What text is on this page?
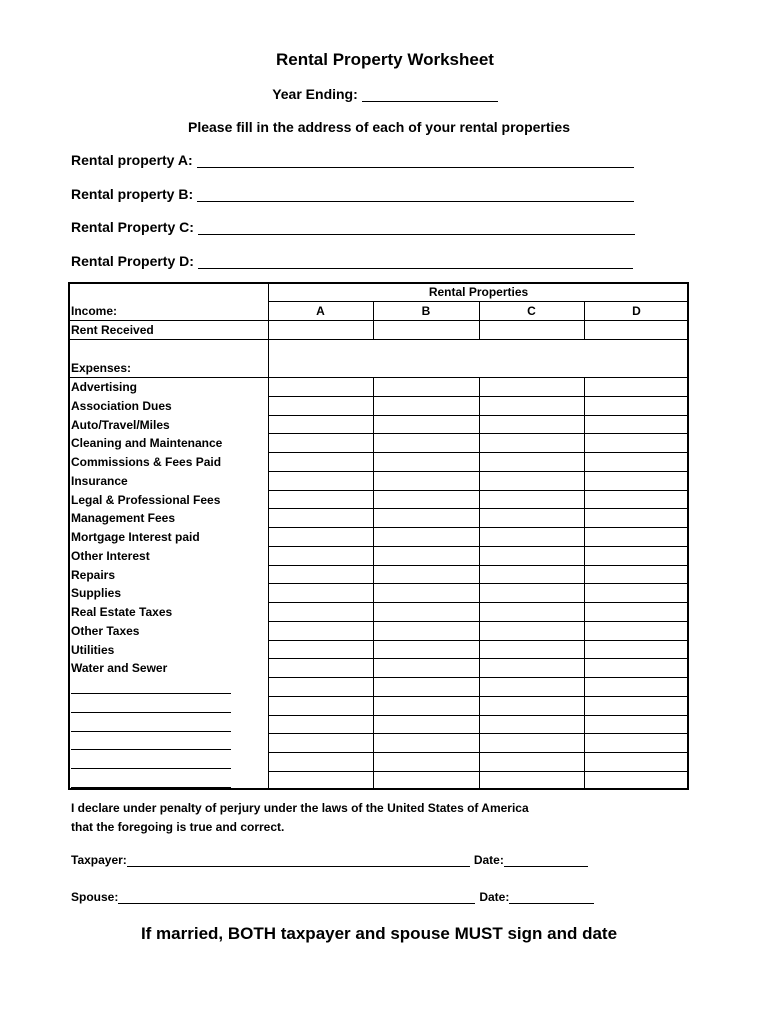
Rental Property Worksheet
Year Ending:
Please fill in the address of each of your rental properties
Rental property A:
Rental property B:
Rental Property C:
Rental Property D:
Rental Properties
A	B	C	D
Income:
Rent Received
Expenses:
Advertising
Association Dues
Auto/Travel/Miles
Cleaning and Maintenance
Commissions & Fees Paid
Insurance
Legal & Professional Fees
Management Fees
Mortgage Interest paid
Other Interest
Repairs
Supplies
Real Estate Taxes
Other Taxes
Utilities
Water and Sewer
I declare under penalty of perjury under the laws of the United States of America
that the foregoing is true and correct.
Taxpayer:	Date:
Spouse:	Date:
If married, BOTH taxpayer and spouse MUST sign and date
